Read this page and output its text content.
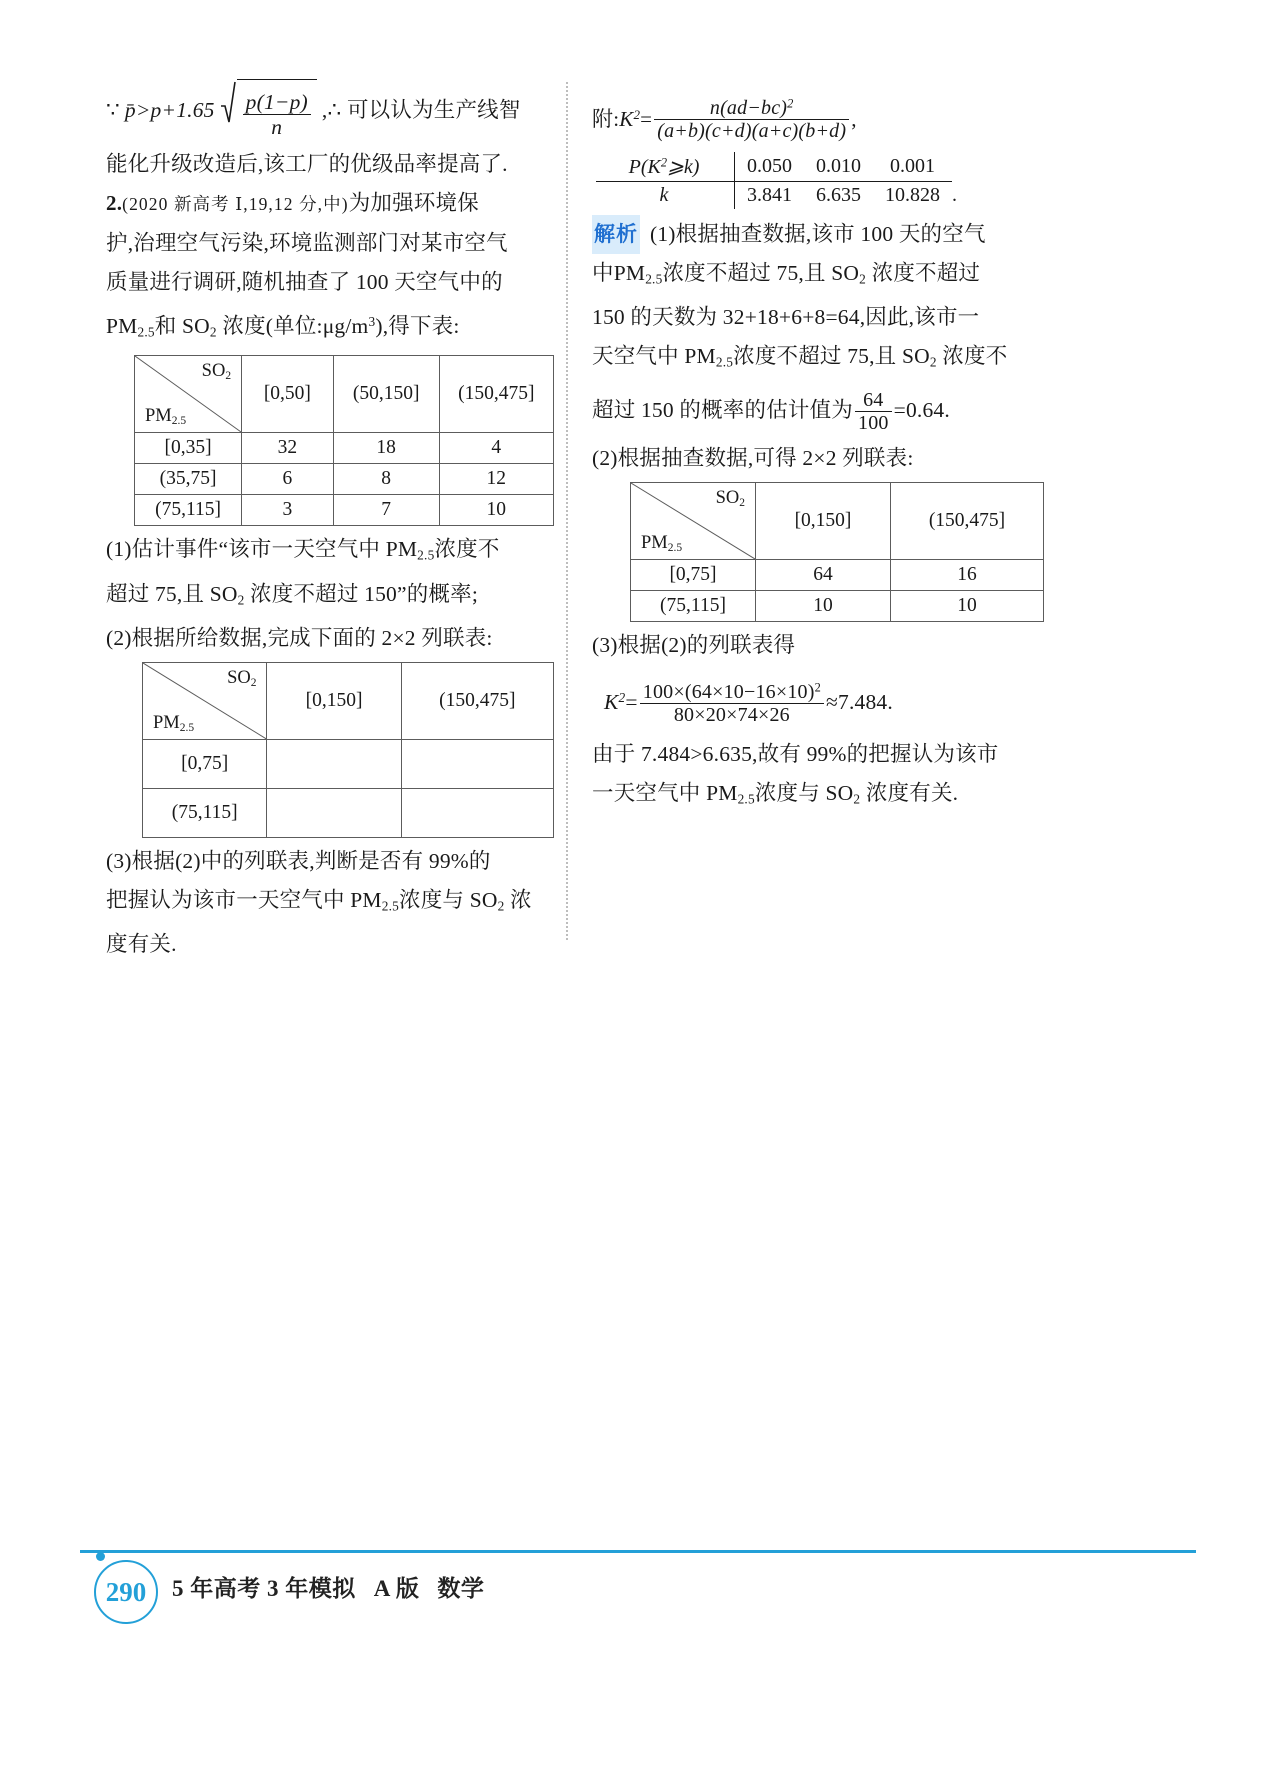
∵ p̄>p+1.65 $\frac{p(1-p)}{n}$ ,∴ 可以认为生产线智
能化升级改造后,该工厂的优级品率提高了.
2.(2020 新高考 Ⅰ,19,12 分,中)为加强环境保
护,治理空气污染,环境监测部门对某市空气
质量进行调研,随机抽查了 100 天空气中的
$PM_{2.5}$和 $SO_2$ 浓度(单位$:\mu g/m^3$),得下表:
$SO_2$
$PM_{2.5}$	[0,50]	(50,150]	(150,475]
[0,35]	32	18	4
(35,75]	6	8	12
(75,115]	3	7	10
(1)估计事件“该市一天空气中 $PM_{2.5}$浓度不
超过 75,且 $SO_2$ 浓度不超过 150”的概率;
(2)根据所给数据,完成下面的 2×2 列联表:
$SO_2$
$PM_{2.5}$	[0,150]	(150,475]
[0,75]		
(75,115]		
(3)根据(2)中的列联表,判断是否有 99%的
把握认为该市一天空气中 $PM_{2.5}$浓度与 $SO_2$ 浓
度有关.
附$:K^2= \frac{n(ad-bc)^2}{(a+b)(c+d)(a+c)(b+d)}$ ,
$P(K^2⩾k)$	0.050	0.010	0.001
k	3.841	6.635	10.828 .
解析 (1)根据抽查数据,该市 100 天的空气
中$PM_{2.5}$浓度不超过 75,且 $SO_2$ 浓度不超过
150 的天数为 32+18+6+8=64,因此,该市一
天空气中 $PM_{2.5}$浓度不超过 75,且 $SO_2$ 浓度不
超过 150 的概率的估计值为 $\frac{64}{100} =0.64$.
(2)根据抽查数据,可得 2×2 列联表:
$SO_2$
$PM_{2.5}$	[0,150]	(150,475]
[0,75]	64	16
(75,115]	10	10
(3)根据(2)的列联表得
$K^2= \frac{100\times(64\times 10-16\times 10)^2}{80\times 20\times 74\times 26} \approx 7.484$.
由于 7.484>6.635,故有 99%的把握认为该市
一天空气中 $PM_{2.5}$浓度与 $SO_2$ 浓度有关.
290	5 年高考 3 年模拟 A 版 数学
